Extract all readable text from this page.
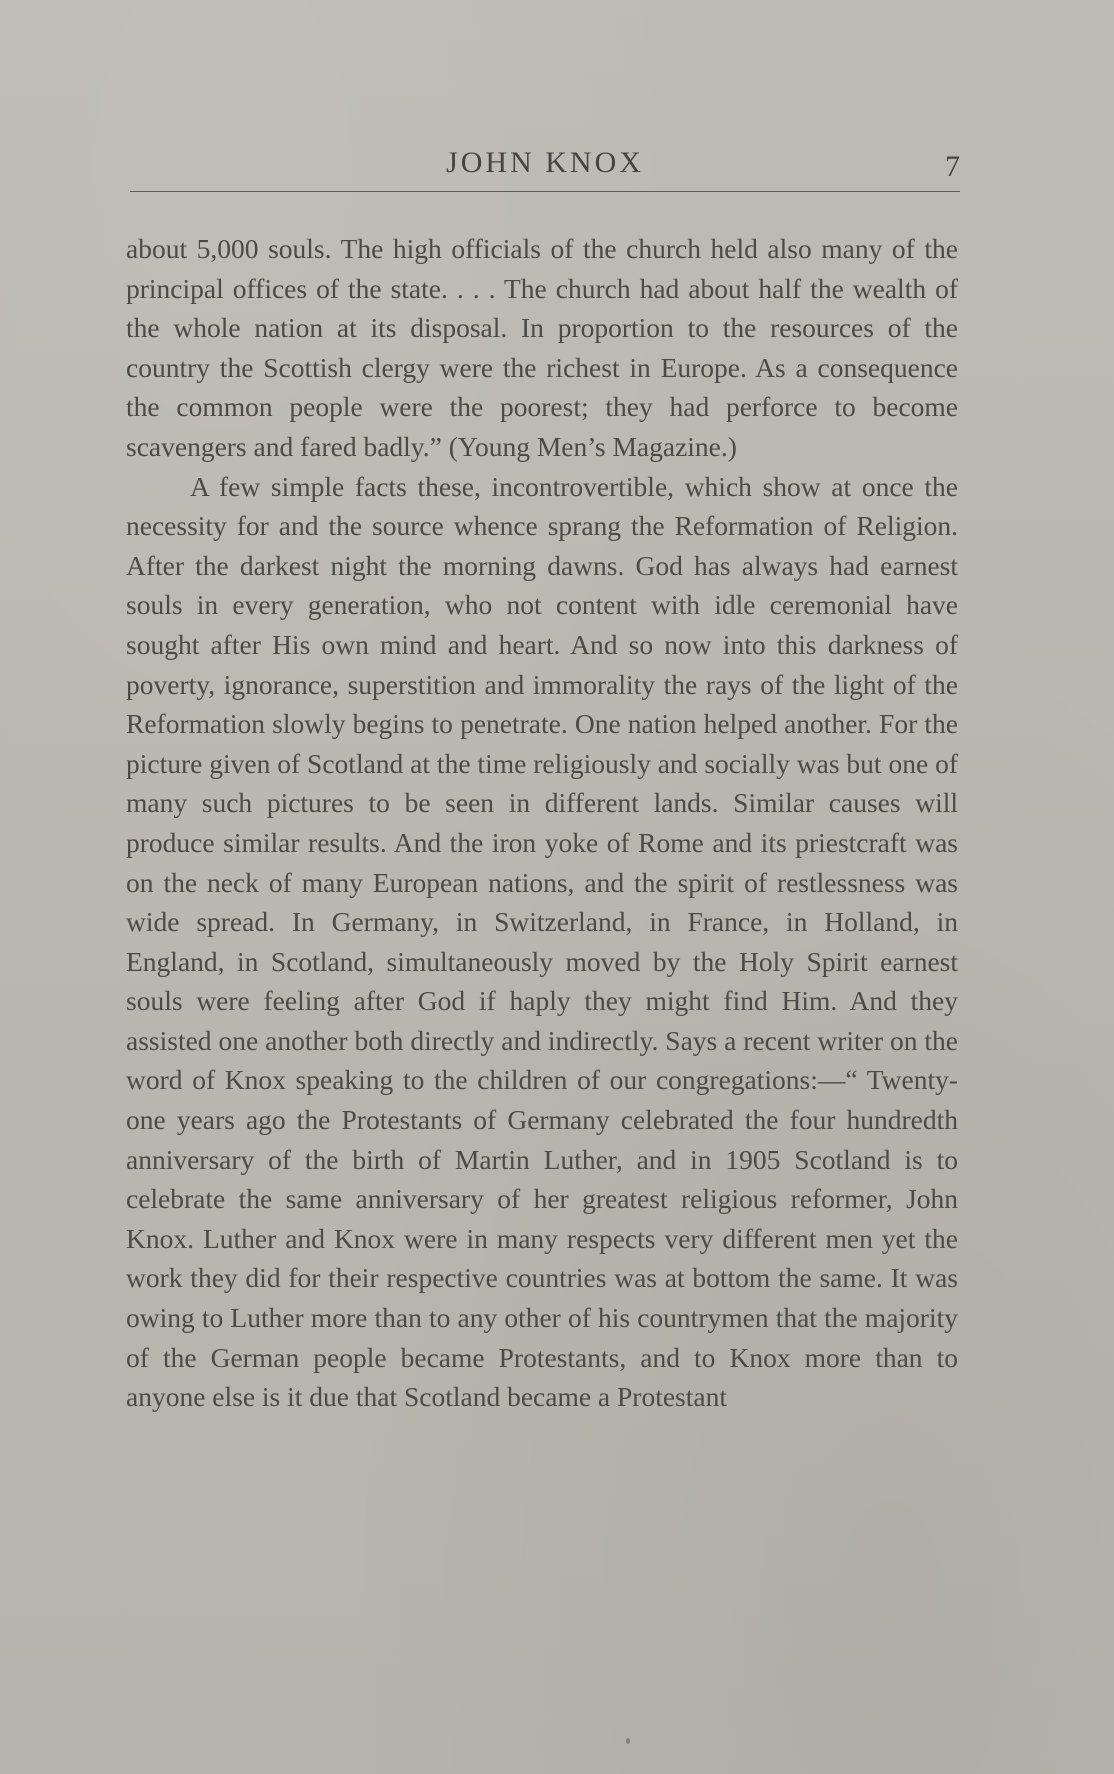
JOHN KNOX	7

about 5,000 souls. The high officials of the church held also many of the principal offices of the state. . . . The church had about half the wealth of the whole nation at its disposal. In proportion to the resources of the country the Scottish clergy were the richest in Europe. As a consequence the common people were the poorest; they had perforce to become scavengers and fared badly.” (Young Men’s Magazine.)

A few simple facts these, incontrovertible, which show at once the necessity for and the source whence sprang the Reformation of Religion. After the darkest night the morning dawns. God has always had earnest souls in every generation, who not content with idle ceremonial have sought after His own mind and heart. And so now into this darkness of poverty, ignorance, superstition and immorality the rays of the light of the Reformation slowly begins to penetrate. One nation helped another. For the picture given of Scotland at the time religiously and socially was but one of many such pictures to be seen in different lands. Similar causes will produce similar results. And the iron yoke of Rome and its priestcraft was on the neck of many European nations, and the spirit of restlessness was wide spread. In Germany, in Switzerland, in France, in Holland, in England, in Scotland, simultaneously moved by the Holy Spirit earnest souls were feeling after God if haply they might find Him. And they assisted one another both directly and indirectly. Says a recent writer on the word of Knox speaking to the children of our congregations:—“ Twenty-one years ago the Protestants of Germany celebrated the four hundredth anniversary of the birth of Martin Luther, and in 1905 Scotland is to celebrate the same anniversary of her greatest religious reformer, John Knox. Luther and Knox were in many respects very different men yet the work they did for their respective countries was at bottom the same. It was owing to Luther more than to any other of his countrymen that the majority of the German people became Protestants, and to Knox more than to anyone else is it due that Scotland became a Protestant
